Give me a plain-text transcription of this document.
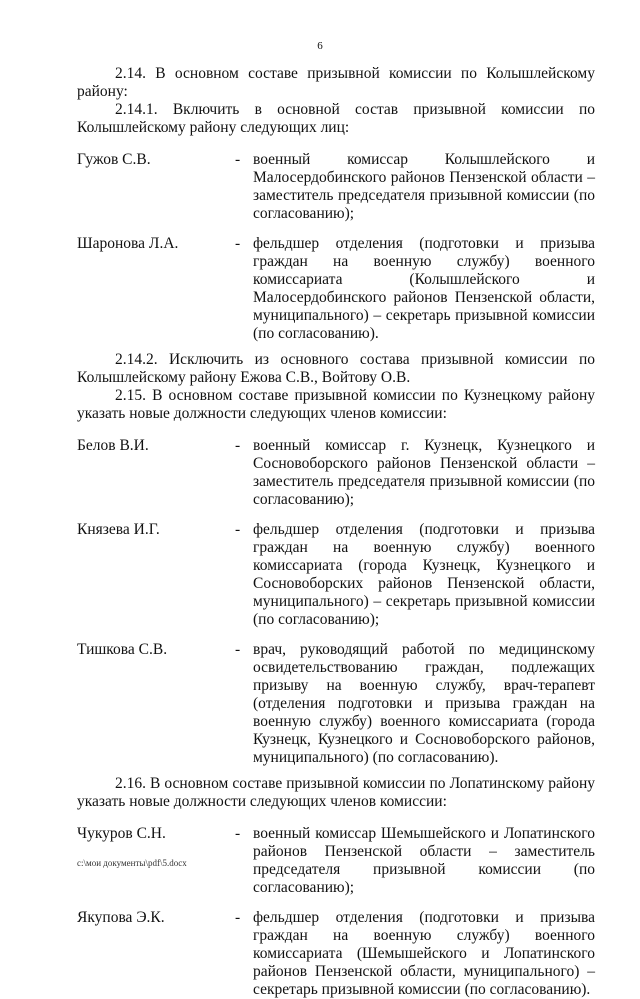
6

2.14. В основном составе призывной комиссии по Колышлейскому району:

2.14.1. Включить в основной состав призывной комиссии по Колышлейскому району следующих лиц:

Гужов С.В.	- военный комиссар Колышлейского и Малосердобинского районов Пензенской области – заместитель председателя призывной комиссии (по согласованию);
Шаронова Л.А.	- фельдшер отделения (подготовки и призыва граждан на военную службу) военного комиссариата (Колышлейского и Малосердобинского районов Пензенской области, муниципального) – секретарь призывной комиссии (по согласованию).

2.14.2. Исключить из основного состава призывной комиссии по Колышлейскому району Ежова С.В., Войтову О.В.

2.15. В основном составе призывной комиссии по Кузнецкому району указать новые должности следующих членов комиссии:

Белов В.И.	- военный комиссар г. Кузнецк, Кузнецкого и Сосновоборского районов Пензенской области – заместитель председателя призывной комиссии (по согласованию);
Князева И.Г.	- фельдшер отделения (подготовки и призыва граждан на военную службу) военного комиссариата (города Кузнецк, Кузнецкого и Сосновоборских районов Пензенской области, муниципального) – секретарь призывной комиссии (по согласованию);
Тишкова С.В.	- врач, руководящий работой по медицинскому освидетельствованию граждан, подлежащих призыву на военную службу, врач-терапевт (отделения подготовки и призыва граждан на военную службу) военного комиссариата (города Кузнецк, Кузнецкого и Сосновоборского районов, муниципального) (по согласованию).

2.16. В основном составе призывной комиссии по Лопатинскому району указать новые должности следующих членов комиссии:

Чукуров С.Н.	- военный комиссар Шемышейского и Лопатинского районов Пензенской области – заместитель председателя призывной комиссии (по согласованию);
Якупова Э.К.	- фельдшер отделения (подготовки и призыва граждан на военную службу) военного комиссариата (Шемышейского и Лопатинского районов Пензенской области, муниципального) – секретарь призывной комиссии (по согласованию).
c:\мои документы\pdf\5.docx
